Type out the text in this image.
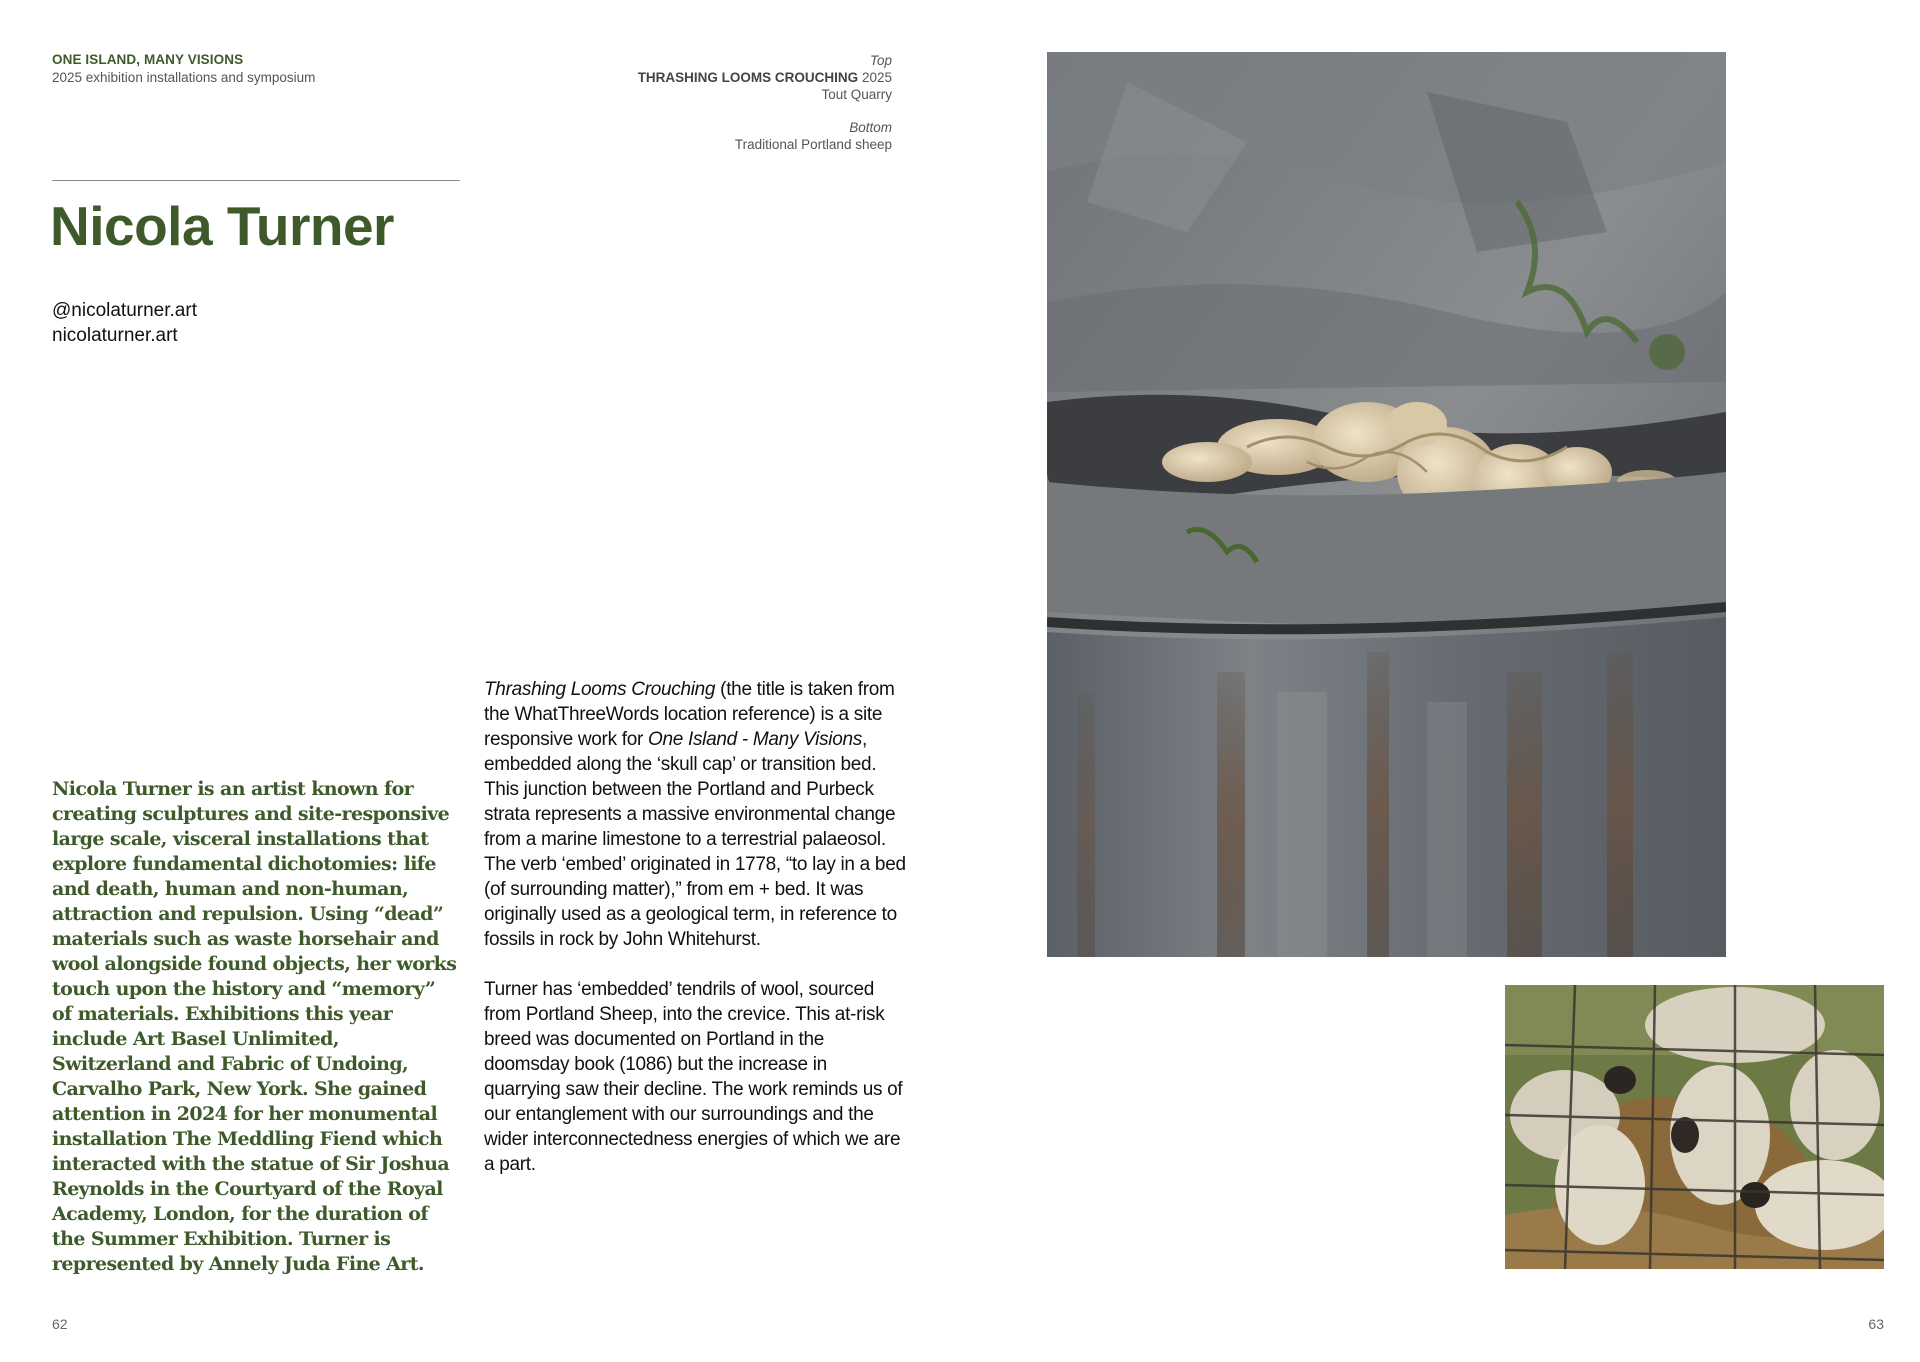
ONE ISLAND, MANY VISIONS
2025 exhibition installations and symposium
Top
THRASHING LOOMS CROUCHING 2025
Tout Quarry
Bottom
Traditional Portland sheep
Nicola Turner
@nicolaturner.art
nicolaturner.art
Nicola Turner is an artist known for creating sculptures and site-responsive large scale, visceral installations that explore fundamental dichotomies: life and death, human and non-human, attraction and repulsion. Using “dead” materials such as waste horsehair and wool alongside found objects, her works touch upon the history and “memory” of materials. Exhibitions this year include Art Basel Unlimited, Switzerland and Fabric of Undoing, Carvalho Park, New York. She gained attention in 2024 for her monumental installation The Meddling Fiend which interacted with the statue of Sir Joshua Reynolds in the Courtyard of the Royal Academy, London, for the duration of the Summer Exhibition. Turner is represented by Annely Juda Fine Art.

Thrashing Looms Crouching (the title is taken from the WhatThreeWords location reference) is a site responsive work for One Island - Many Visions, embedded along the ‘skull cap’ or transition bed. This junction between the Portland and Purbeck strata represents a massive environmental change from a marine limestone to a terrestrial palaeosol. The verb ‘embed’ originated in 1778, “to lay in a bed (of surrounding matter),” from em + bed. It was originally used as a geological term, in reference to fossils in rock by John Whitehurst.

Turner has ‘embedded’ tendrils of wool, sourced from Portland Sheep, into the crevice. This at-risk breed was documented on Portland in the doomsday book (1086) but the increase in quarrying saw their decline. The work reminds us of our entanglement with our surroundings and the wider interconnectedness energies of which we are a part.

62	63
